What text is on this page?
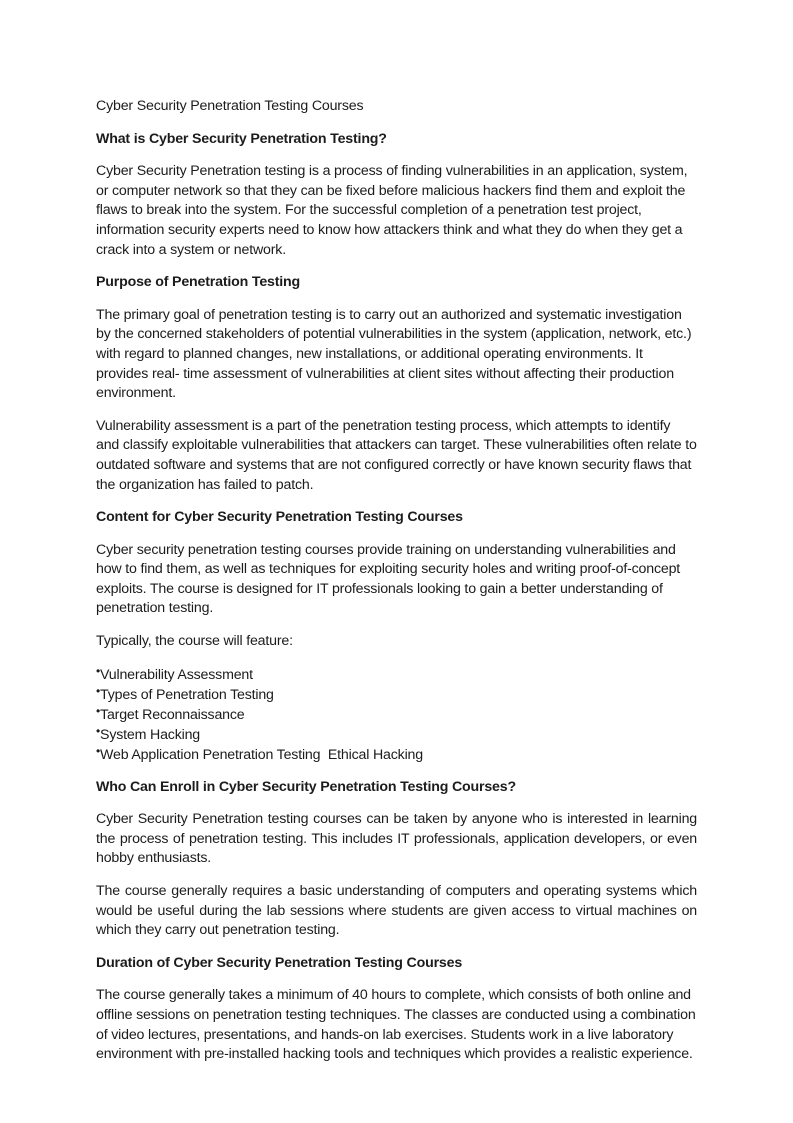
Cyber Security Penetration Testing Courses

What is Cyber Security Penetration Testing?

Cyber Security Penetration testing is a process of finding vulnerabilities in an application, system, or computer network so that they can be fixed before malicious hackers find them and exploit the flaws to break into the system. For the successful completion of a penetration test project, information security experts need to know how attackers think and what they do when they get a crack into a system or network.

Purpose of Penetration Testing

The primary goal of penetration testing is to carry out an authorized and systematic investigation by the concerned stakeholders of potential vulnerabilities in the system (application, network, etc.) with regard to planned changes, new installations, or additional operating environments. It provides real- time assessment of vulnerabilities at client sites without affecting their production environment.

Vulnerability assessment is a part of the penetration testing process, which attempts to identify and classify exploitable vulnerabilities that attackers can target. These vulnerabilities often relate to outdated software and systems that are not configured correctly or have known security flaws that the organization has failed to patch.

Content for Cyber Security Penetration Testing Courses

Cyber security penetration testing courses provide training on understanding vulnerabilities and how to find them, as well as techniques for exploiting security holes and writing proof-of-concept exploits. The course is designed for IT professionals looking to gain a better understanding of penetration testing.

Typically, the course will feature:

•Vulnerability Assessment
•Types of Penetration Testing
•Target Reconnaissance
•System Hacking
•Web Application Penetration Testing  Ethical Hacking

Who Can Enroll in Cyber Security Penetration Testing Courses?

Cyber Security Penetration testing courses can be taken by anyone who is interested in learning the process of penetration testing. This includes IT professionals, application developers, or even hobby enthusiasts.

The course generally requires a basic understanding of computers and operating systems which would be useful during the lab sessions where students are given access to virtual machines on which they carry out penetration testing.

Duration of Cyber Security Penetration Testing Courses

The course generally takes a minimum of 40 hours to complete, which consists of both online and offline sessions on penetration testing techniques. The classes are conducted using a combination of video lectures, presentations, and hands-on lab exercises. Students work in a live laboratory environment with pre-installed hacking tools and techniques which provides a realistic experience.
